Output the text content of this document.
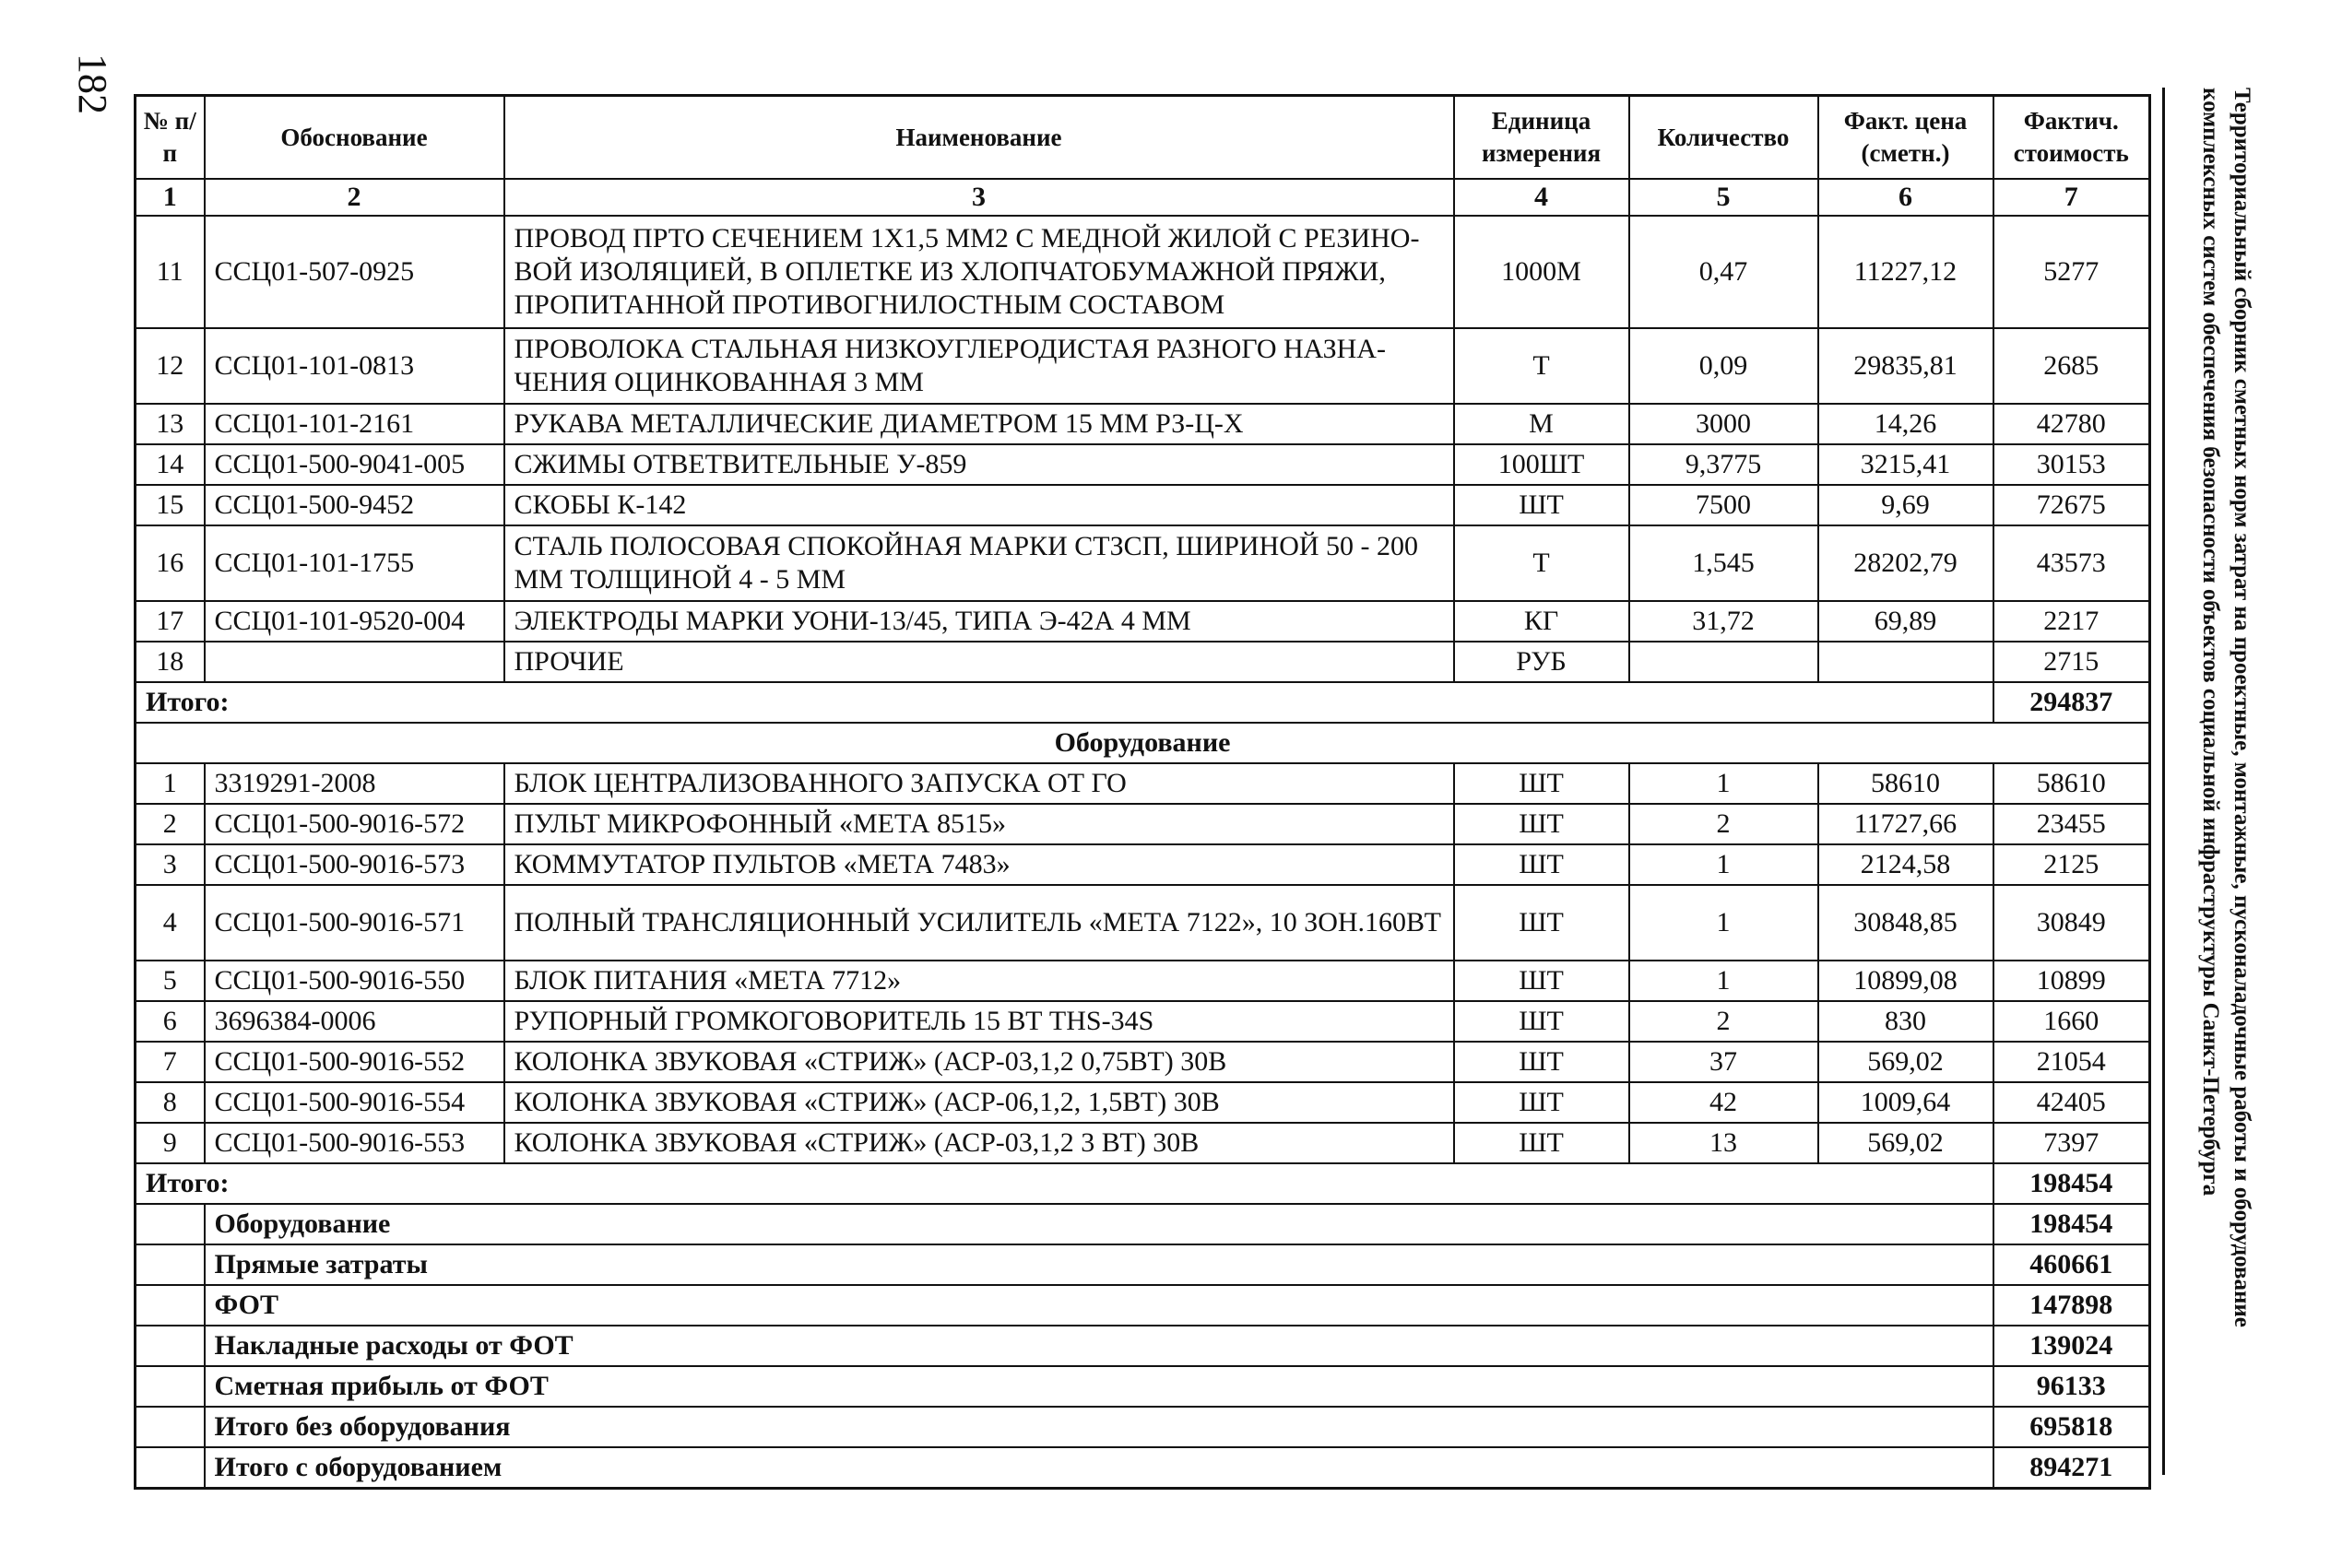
182
Территориальный сборник сметных норм затрат на проектные, монтажные, пусконаладочные работы и оборудование
комплексных систем обеспечения безопасности объектов социальной инфраструктуры Санкт-Петербурга
№ п/п	Обоснование	Наименование	Единица измерения	Количество	Факт. цена (сметн.)	Фактич. стоимость
1	2	3	4	5	6	7
11	ССЦ01-507-0925	ПРОВОД ПРТО СЕЧЕНИЕМ 1Х1,5 ММ2 С МЕДНОЙ ЖИЛОЙ С РЕЗИНО-ВОЙ ИЗОЛЯЦИЕЙ, В ОПЛЕТКЕ ИЗ ХЛОПЧАТОБУМАЖНОЙ ПРЯЖИ, ПРОПИТАННОЙ ПРОТИВОГНИЛОСТНЫМ СОСТАВОМ	1000М	0,47	11227,12	5277
12	ССЦ01-101-0813	ПРОВОЛОКА СТАЛЬНАЯ НИЗКОУГЛЕРОДИСТАЯ РАЗНОГО НАЗНА-ЧЕНИЯ ОЦИНКОВАННАЯ 3 ММ	Т	0,09	29835,81	2685
13	ССЦ01-101-2161	РУКАВА МЕТАЛЛИЧЕСКИЕ ДИАМЕТРОМ 15 ММ РЗ-Ц-Х	М	3000	14,26	42780
14	ССЦ01-500-9041-005	СЖИМЫ ОТВЕТВИТЕЛЬНЫЕ У-859	100ШТ	9,3775	3215,41	30153
15	ССЦ01-500-9452	СКОБЫ К-142	ШТ	7500	9,69	72675
16	ССЦ01-101-1755	СТАЛЬ ПОЛОСОВАЯ СПОКОЙНАЯ МАРКИ СТЗСП, ШИРИНОЙ 50 - 200 ММ ТОЛЩИНОЙ 4 - 5 ММ	Т	1,545	28202,79	43573
17	ССЦ01-101-9520-004	ЭЛЕКТРОДЫ МАРКИ УОНИ-13/45, ТИПА Э-42А 4 ММ	КГ	31,72	69,89	2217
18		ПРОЧИЕ	РУБ			2715
Итого:						294837
Оборудование						
1	3319291-2008	БЛОК ЦЕНТРАЛИЗОВАННОГО ЗАПУСКА ОТ ГО	ШТ	1	58610	58610
2	ССЦ01-500-9016-572	ПУЛЬТ МИКРОФОННЫЙ «МЕТА 8515»	ШТ	2	11727,66	23455
3	ССЦ01-500-9016-573	КОММУТАТОР ПУЛЬТОВ «МЕТА 7483»	ШТ	1	2124,58	2125
4	ССЦ01-500-9016-571	ПОЛНЫЙ ТРАНСЛЯЦИОННЫЙ УСИЛИТЕЛЬ «МЕТА 7122», 10 ЗОН.160ВТ	ШТ	1	30848,85	30849
5	ССЦ01-500-9016-550	БЛОК ПИТАНИЯ «МЕТА 7712»	ШТ	1	10899,08	10899
6	3696384-0006	РУПОРНЫЙ ГРОМКОГОВОРИТЕЛЬ 15 ВТ THS-34S	ШТ	2	830	1660
7	ССЦ01-500-9016-552	КОЛОНКА ЗВУКОВАЯ «СТРИЖ» (АСР-03,1,2 0,75ВТ) 30В	ШТ	37	569,02	21054
8	ССЦ01-500-9016-554	КОЛОНКА ЗВУКОВАЯ «СТРИЖ» (АСР-06,1,2, 1,5ВТ) 30В	ШТ	42	1009,64	42405
9	ССЦ01-500-9016-553	КОЛОНКА ЗВУКОВАЯ «СТРИЖ» (АСР-03,1,2 3 ВТ) 30В	ШТ	13	569,02	7397
Итого:						198454
	Оборудование					198454
	Прямые затраты					460661
	ФОТ					147898
	Накладные расходы от ФОТ					139024
	Сметная прибыль от ФОТ					96133
	Итого без оборудования					695818
	Итого с оборудованием					894271
